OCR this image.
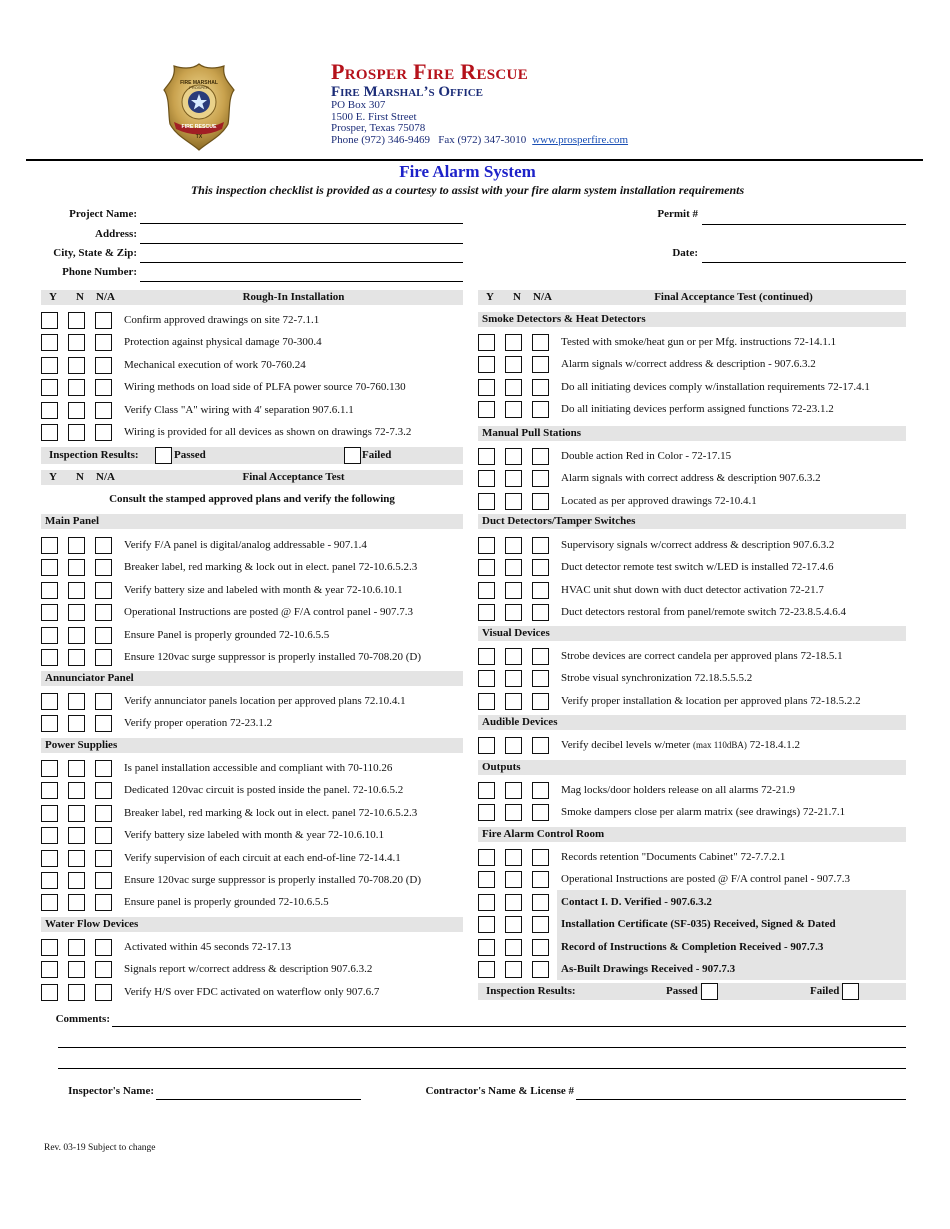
FIRE MARSHAL
PROSPER
FIRE RESCUE
TX
Prosper Fire Rescue
Fire Marshal’s Office
PO Box 307
1500 E. First Street
Prosper, Texas 75078
Phone (972) 346-9469   Fax (972) 347-3010 www.prosperfire.com
Fire Alarm System
This inspection checklist is provided as a courtesy to assist with your fire alarm system installation requirements
Project Name:
Address:
City, State & Zip:
Phone Number:
Permit #
Date:
Y N N/A	Rough-In Installation
Confirm approved drawings on site 72-7.1.1
Protection against physical damage 70-300.4
Mechanical execution of work 70-760.24
Wiring methods on load side of PLFA power source 70-760.130
Verify Class "A" wiring with 4' separation 907.6.1.1
Wiring is provided for all devices as shown on drawings 72-7.3.2
Inspection Results:	Passed	Failed
Y N N/A	Final Acceptance Test
Consult the stamped approved plans and verify the following
Main Panel
Verify F/A panel is digital/analog addressable - 907.1.4
Breaker label, red marking & lock out in elect. panel 72-10.6.5.2.3
Verify battery size and labeled with month & year 72-10.6.10.1
Operational Instructions are posted @ F/A control panel - 907.7.3
Ensure Panel is properly grounded 72-10.6.5.5
Ensure 120vac surge suppressor is properly installed 70-708.20 (D)
Annunciator Panel
Verify annunciator panels location per approved plans 72.10.4.1
Verify proper operation 72-23.1.2
Power Supplies
Is panel installation accessible and compliant with 70-110.26
Dedicated 120vac circuit is posted inside the panel. 72-10.6.5.2
Breaker label, red marking & lock out in elect. panel 72-10.6.5.2.3
Verify battery size labeled with month & year 72-10.6.10.1
Verify supervision of each circuit at each end-of-line 72-14.4.1
Ensure 120vac surge suppressor is properly installed 70-708.20 (D)
Ensure panel is properly grounded 72-10.6.5.5
Water Flow Devices
Activated within 45 seconds 72-17.13
Signals report w/correct address & description 907.6.3.2
Verify H/S over FDC activated on waterflow only 907.6.7
Y N N/A	Final Acceptance Test (continued)
Smoke Detectors & Heat Detectors
Tested with smoke/heat gun or per Mfg. instructions 72-14.1.1
Alarm signals w/correct address & description - 907.6.3.2
Do all initiating devices comply w/installation requirements 72-17.4.1
Do all initiating devices perform assigned functions 72-23.1.2
Manual Pull Stations
Double action Red in Color - 72-17.15
Alarm signals with correct address & description 907.6.3.2
Located as per approved drawings 72-10.4.1
Duct Detectors/Tamper Switches
Supervisory signals w/correct address & description 907.6.3.2
Duct detector remote test switch w/LED is installed 72-17.4.6
HVAC unit shut down with duct detector activation 72-21.7
Duct detectors restoral from panel/remote switch 72-23.8.5.4.6.4
Visual Devices
Strobe devices are correct candela per approved plans 72-18.5.1
Strobe visual synchronization 72.18.5.5.5.2
Verify proper installation & location per approved plans 72-18.5.2.2
Audible Devices
Verify decibel levels w/meter (max 110dBA) 72-18.4.1.2
Outputs
Mag locks/door holders release on all alarms 72-21.9
Smoke dampers close per alarm matrix (see drawings) 72-21.7.1
Fire Alarm Control Room
Records retention "Documents Cabinet" 72-7.7.2.1
Operational Instructions are posted @ F/A control panel - 907.7.3
Contact I. D. Verified - 907.6.3.2
Installation Certificate (SF-035) Received, Signed & Dated
Record of Instructions & Completion Received - 907.7.3
As-Built Drawings Received - 907.7.3
Inspection Results:	Passed	Failed
Comments:
Inspector's Name:	Contractor's Name & License #
Rev. 03-19 Subject to change
